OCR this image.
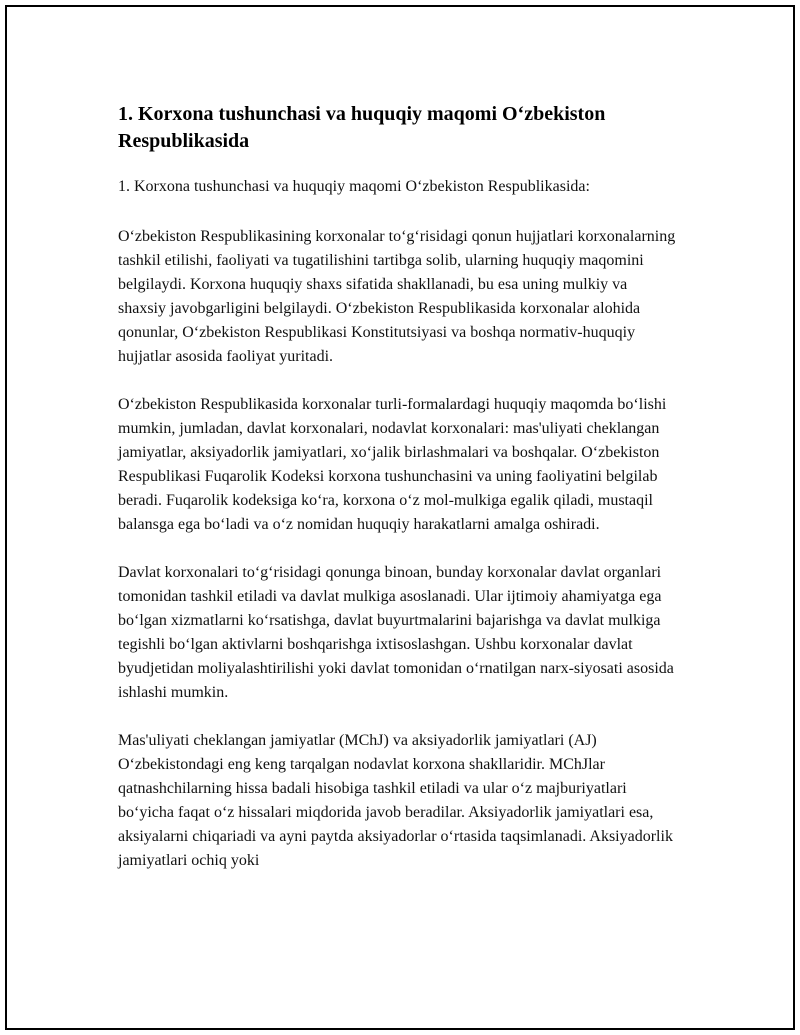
1. Korxona tushunchasi va huquqiy maqomi O‘zbekiston Respublikasida
1. Korxona tushunchasi va huquqiy maqomi O‘zbekiston Respublikasida:

O‘zbekiston Respublikasining korxonalar to‘g‘risidagi qonun hujjatlari korxonalarning tashkil etilishi, faoliyati va tugatilishini tartibga solib, ularning huquqiy maqomini belgilaydi. Korxona huquqiy shaxs sifatida shakllanadi, bu esa uning mulkiy va shaxsiy javobgarligini belgilaydi. O‘zbekiston Respublikasida korxonalar alohida qonunlar, O‘zbekiston Respublikasi Konstitutsiyasi va boshqa normativ-huquqiy hujjatlar asosida faoliyat yuritadi.

O‘zbekiston Respublikasida korxonalar turli-formalardagi huquqiy maqomda bo‘lishi mumkin, jumladan, davlat korxonalari, nodavlat korxonalari: mas'uliyati cheklangan jamiyatlar, aksiyadorlik jamiyatlari, xo‘jalik birlashmalari va boshqalar. O‘zbekiston Respublikasi Fuqarolik Kodeksi korxona tushunchasini va uning faoliyatini belgilab beradi. Fuqarolik kodeksiga ko‘ra, korxona o‘z mol-mulkiga egalik qiladi, mustaqil balansga ega bo‘ladi va o‘z nomidan huquqiy harakatlarni amalga oshiradi.

Davlat korxonalari to‘g‘risidagi qonunga binoan, bunday korxonalar davlat organlari tomonidan tashkil etiladi va davlat mulkiga asoslanadi. Ular ijtimoiy ahamiyatga ega bo‘lgan xizmatlarni ko‘rsatishga, davlat buyurtmalarini bajarishga va davlat mulkiga tegishli bo‘lgan aktivlarni boshqarishga ixtisoslashgan. Ushbu korxonalar davlat byudjetidan moliyalashtirilishi yoki davlat tomonidan o‘rnatilgan narx-siyosati asosida ishlashi mumkin.

Mas'uliyati cheklangan jamiyatlar (MChJ) va aksiyadorlik jamiyatlari (AJ) O‘zbekistondagi eng keng tarqalgan nodavlat korxona shakllaridir. MChJlar qatnashchilarning hissa badali hisobiga tashkil etiladi va ular o‘z majburiyatlari bo‘yicha faqat o‘z hissalari miqdorida javob beradilar. Aksiyadorlik jamiyatlari esa, aksiyalarni chiqariadi va ayni paytda aksiyadorlar o‘rtasida taqsimlanadi. Aksiyadorlik jamiyatlari ochiq yoki
